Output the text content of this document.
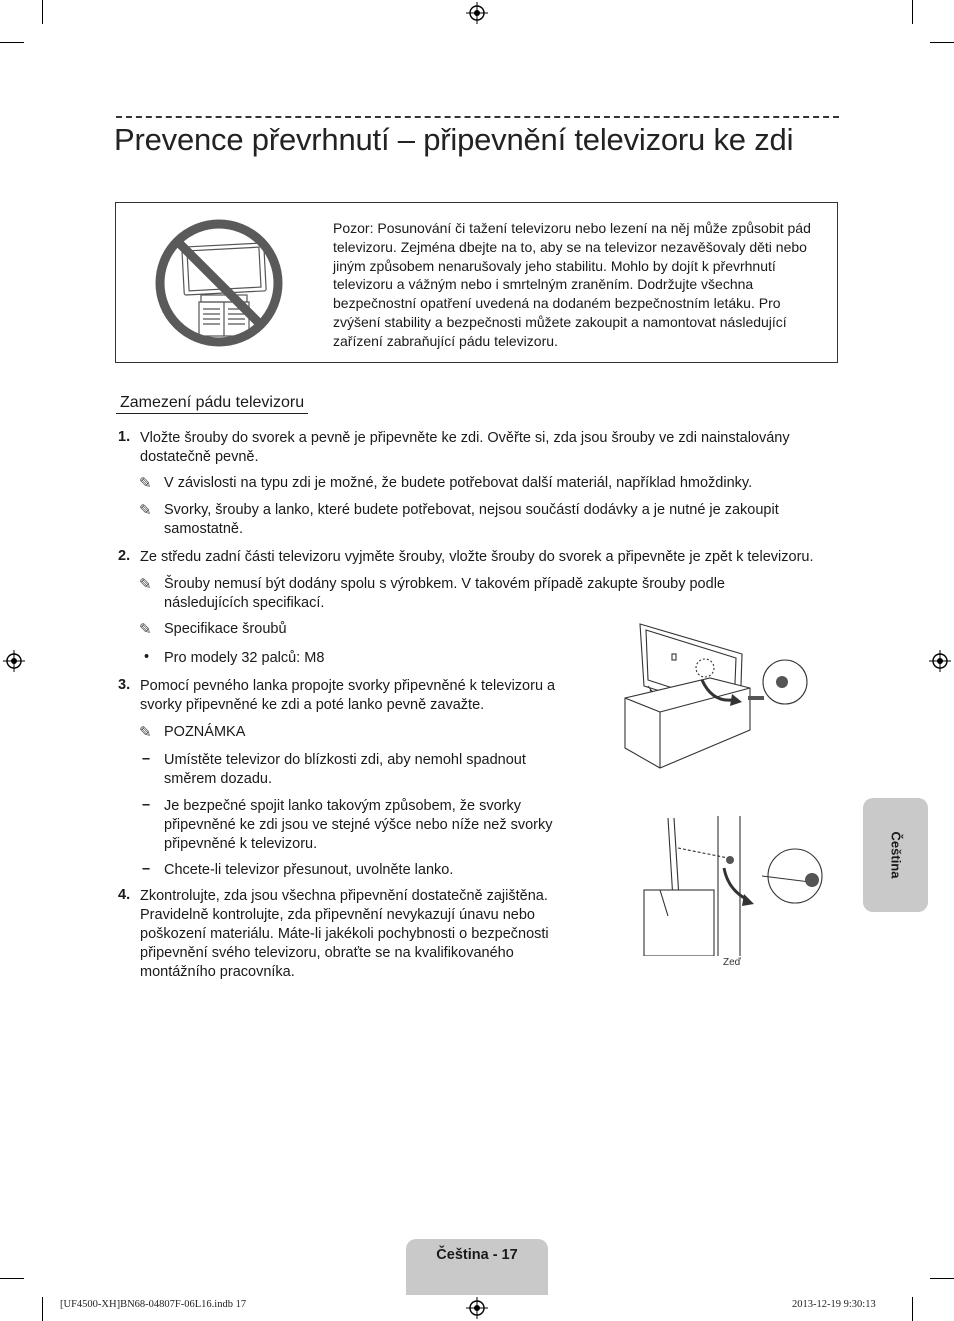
Prevence převrhnutí – připevnění televizoru ke zdi
Pozor: Posunování či tažení televizoru nebo lezení na něj může způsobit pád televizoru. Zejména dbejte na to, aby se na televizor nezavěšovaly děti nebo jiným způsobem nenarušovaly jeho stabilitu. Mohlo by dojít k převrhnutí televizoru a vážným nebo i smrtelným zraněním. Dodržujte všechna bezpečnostní opatření uvedená na dodaném bezpečnostním letáku. Pro zvýšení stability a bezpečnosti můžete zakoupit a namontovat následující zařízení zabraňující pádu televizoru.
Zamezení pádu televizoru
1. Vložte šrouby do svorek a pevně je připevněte ke zdi. Ověřte si, zda jsou šrouby ve zdi nainstalovány dostatečně pevně.
✎ V závislosti na typu zdi je možné, že budete potřebovat další materiál, například hmoždinky.
✎ Svorky, šrouby a lanko, které budete potřebovat, nejsou součástí dodávky a je nutné je zakoupit samostatně.
2. Ze středu zadní části televizoru vyjměte šrouby, vložte šrouby do svorek a připevněte je zpět k televizoru.
✎ Šrouby nemusí být dodány spolu s výrobkem. V takovém případě zakupte šrouby podle následujících specifikací.
✎ Specifikace šroubů
• Pro modely 32 palců: M8
3. Pomocí pevného lanka propojte svorky připevněné k televizoru a svorky připevněné ke zdi a poté lanko pevně zavažte.
✎ POZNÁMKA
– Umístěte televizor do blízkosti zdi, aby nemohl spadnout směrem dozadu.
– Je bezpečné spojit lanko takovým způsobem, že svorky připevněné ke zdi jsou ve stejné výšce nebo níže než svorky připevněné k televizoru.
– Chcete-li televizor přesunout, uvolněte lanko.
4. Zkontrolujte, zda jsou všechna připevnění dostatečně zajištěna. Pravidelně kontrolujte, zda připevnění nevykazují únavu nebo poškození materiálu. Máte-li jakékoli pochybnosti o bezpečnosti připevnění svého televizoru, obraťte se na kvalifikovaného montážního pracovníka.
Zeď
Čeština
Čeština - 17
[UF4500-XH]BN68-04807F-06L16.indb 17	2013-12-19 9:30:13
